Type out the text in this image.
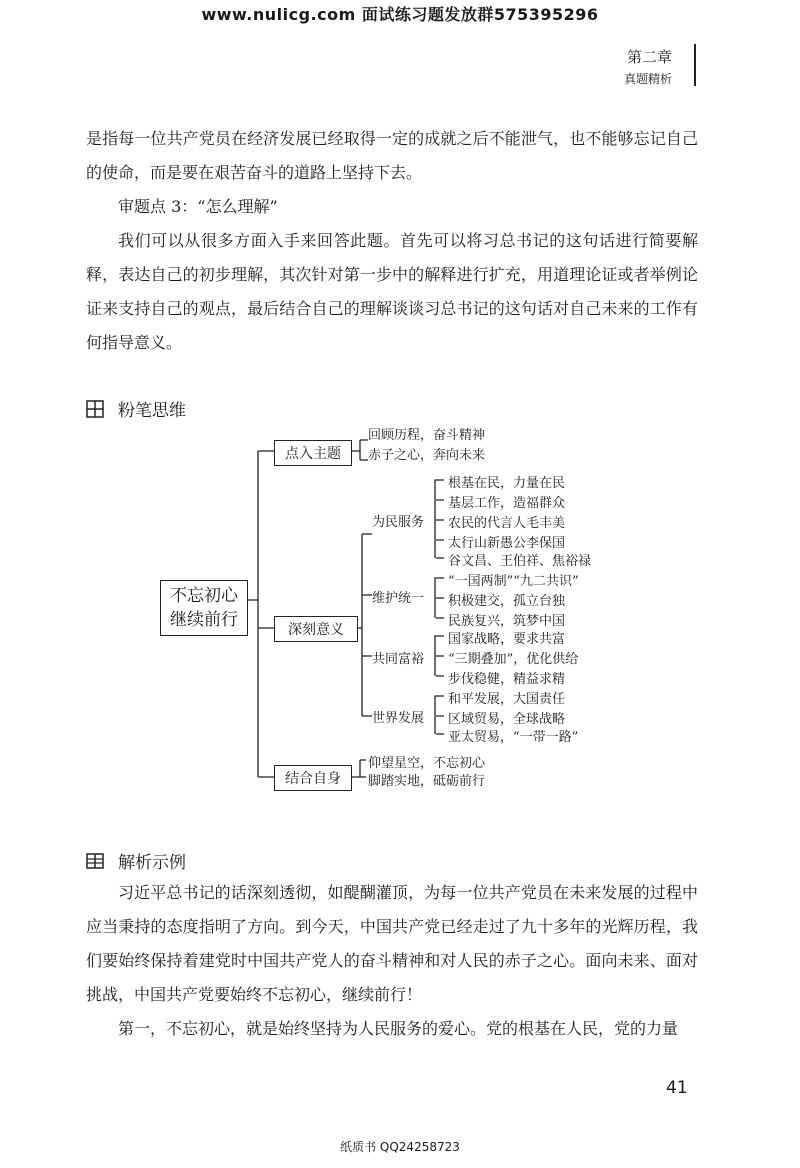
www.nulicg.com 面试练习题发放群575395296
第二章
真题精析
是指每一位共产党员在经济发展已经取得一定的成就之后不能泄气，也不能够忘记自己的使命，而是要在艰苦奋斗的道路上坚持下去。
审题点 3：“怎么理解”
我们可以从很多方面入手来回答此题。首先可以将习总书记的这句话进行简要解释，表达自己的初步理解，其次针对第一步中的解释进行扩充，用道理论证或者举例论证来支持自己的观点，最后结合自己的理解谈谈习总书记的这句话对自己未来的工作有何指导意义。
粉笔思维
不忘初心
继续前行
点入主题
深刻意义
结合自身
回顾历程，奋斗精神
赤子之心，奔向未来
为民服务
维护统一
共同富裕
世界发展
根基在民，力量在民
基层工作，造福群众
农民的代言人毛丰美
太行山新愚公李保国
谷文昌、王伯祥、焦裕禄
“一国两制”“九二共识”
积极建交，孤立台独
民族复兴，筑梦中国
国家战略，要求共富
“三期叠加”，优化供给
步伐稳健，精益求精
和平发展，大国责任
区域贸易，全球战略
亚太贸易，“一带一路”
仰望星空，不忘初心
脚踏实地，砥砺前行
解析示例
习近平总书记的话深刻透彻，如醍醐灌顶，为每一位共产党员在未来发展的过程中应当秉持的态度指明了方向。到今天，中国共产党已经走过了九十多年的光辉历程，我们要始终保持着建党时中国共产党人的奋斗精神和对人民的赤子之心。面向未来、面对挑战，中国共产党要始终不忘初心，继续前行！
第一，不忘初心，就是始终坚持为人民服务的爱心。党的根基在人民，党的力量
41
纸质书 QQ24258723
